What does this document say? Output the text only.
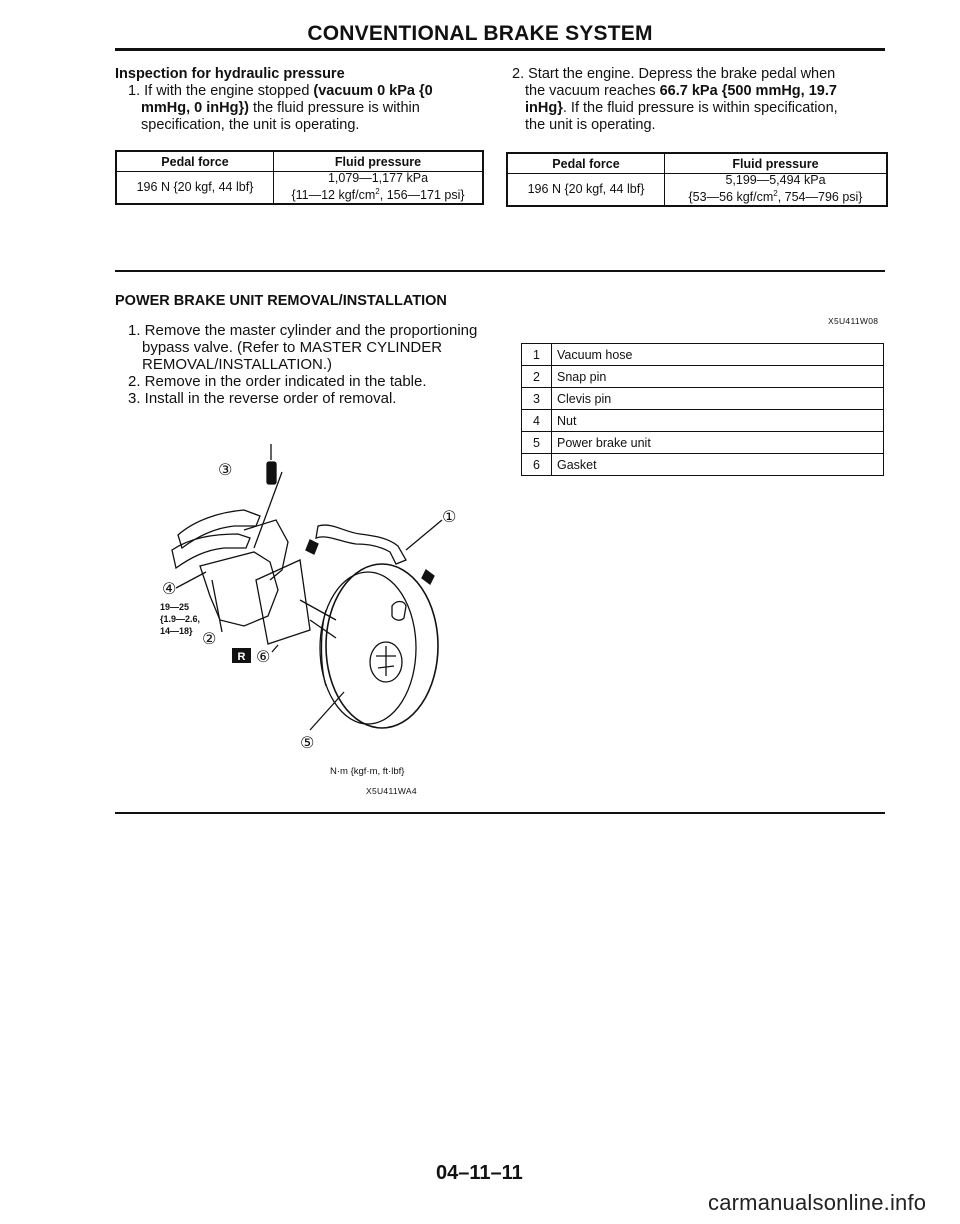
CONVENTIONAL BRAKE SYSTEM
Inspection for hydraulic pressure
1. If with the engine stopped (vacuum 0 kPa {0
mmHg, 0 inHg}) the fluid pressure is within
specification, the unit is operating.
Pedal force	Fluid pressure
196 N {20 kgf, 44 lbf}	1,079—1,177 kPa
{11—12 kgf/$cm^2$, 156—171 psi}
2. Start the engine. Depress the brake pedal when
the vacuum reaches 66.7 kPa {500 mmHg, 19.7
inHg}. If the fluid pressure is within specification,
the unit is operating.
Pedal force	Fluid pressure
196 N {20 kgf, 44 lbf}	5,199—5,494 kPa
{53—56 kgf/$cm^2$, 754—796 psi}
POWER BRAKE UNIT REMOVAL/INSTALLATION
1. Remove the master cylinder and the proportioning
bypass valve. (Refer to MASTER CYLINDER
REMOVAL/INSTALLATION.)
2. Remove in the order indicated in the table.
3. Install in the reverse order of removal.
X5U411W08
1	Vacuum hose
2	Snap pin
3	Clevis pin
4	Nut
5	Power brake unit
6	Gasket
R
③
①
④
②
⑥
⑤
19—25
{1.9—2.6,
14—18}
N·m {kgf·m, ft·lbf}
X5U411WA4
04–11–11
carmanualsonline.info
